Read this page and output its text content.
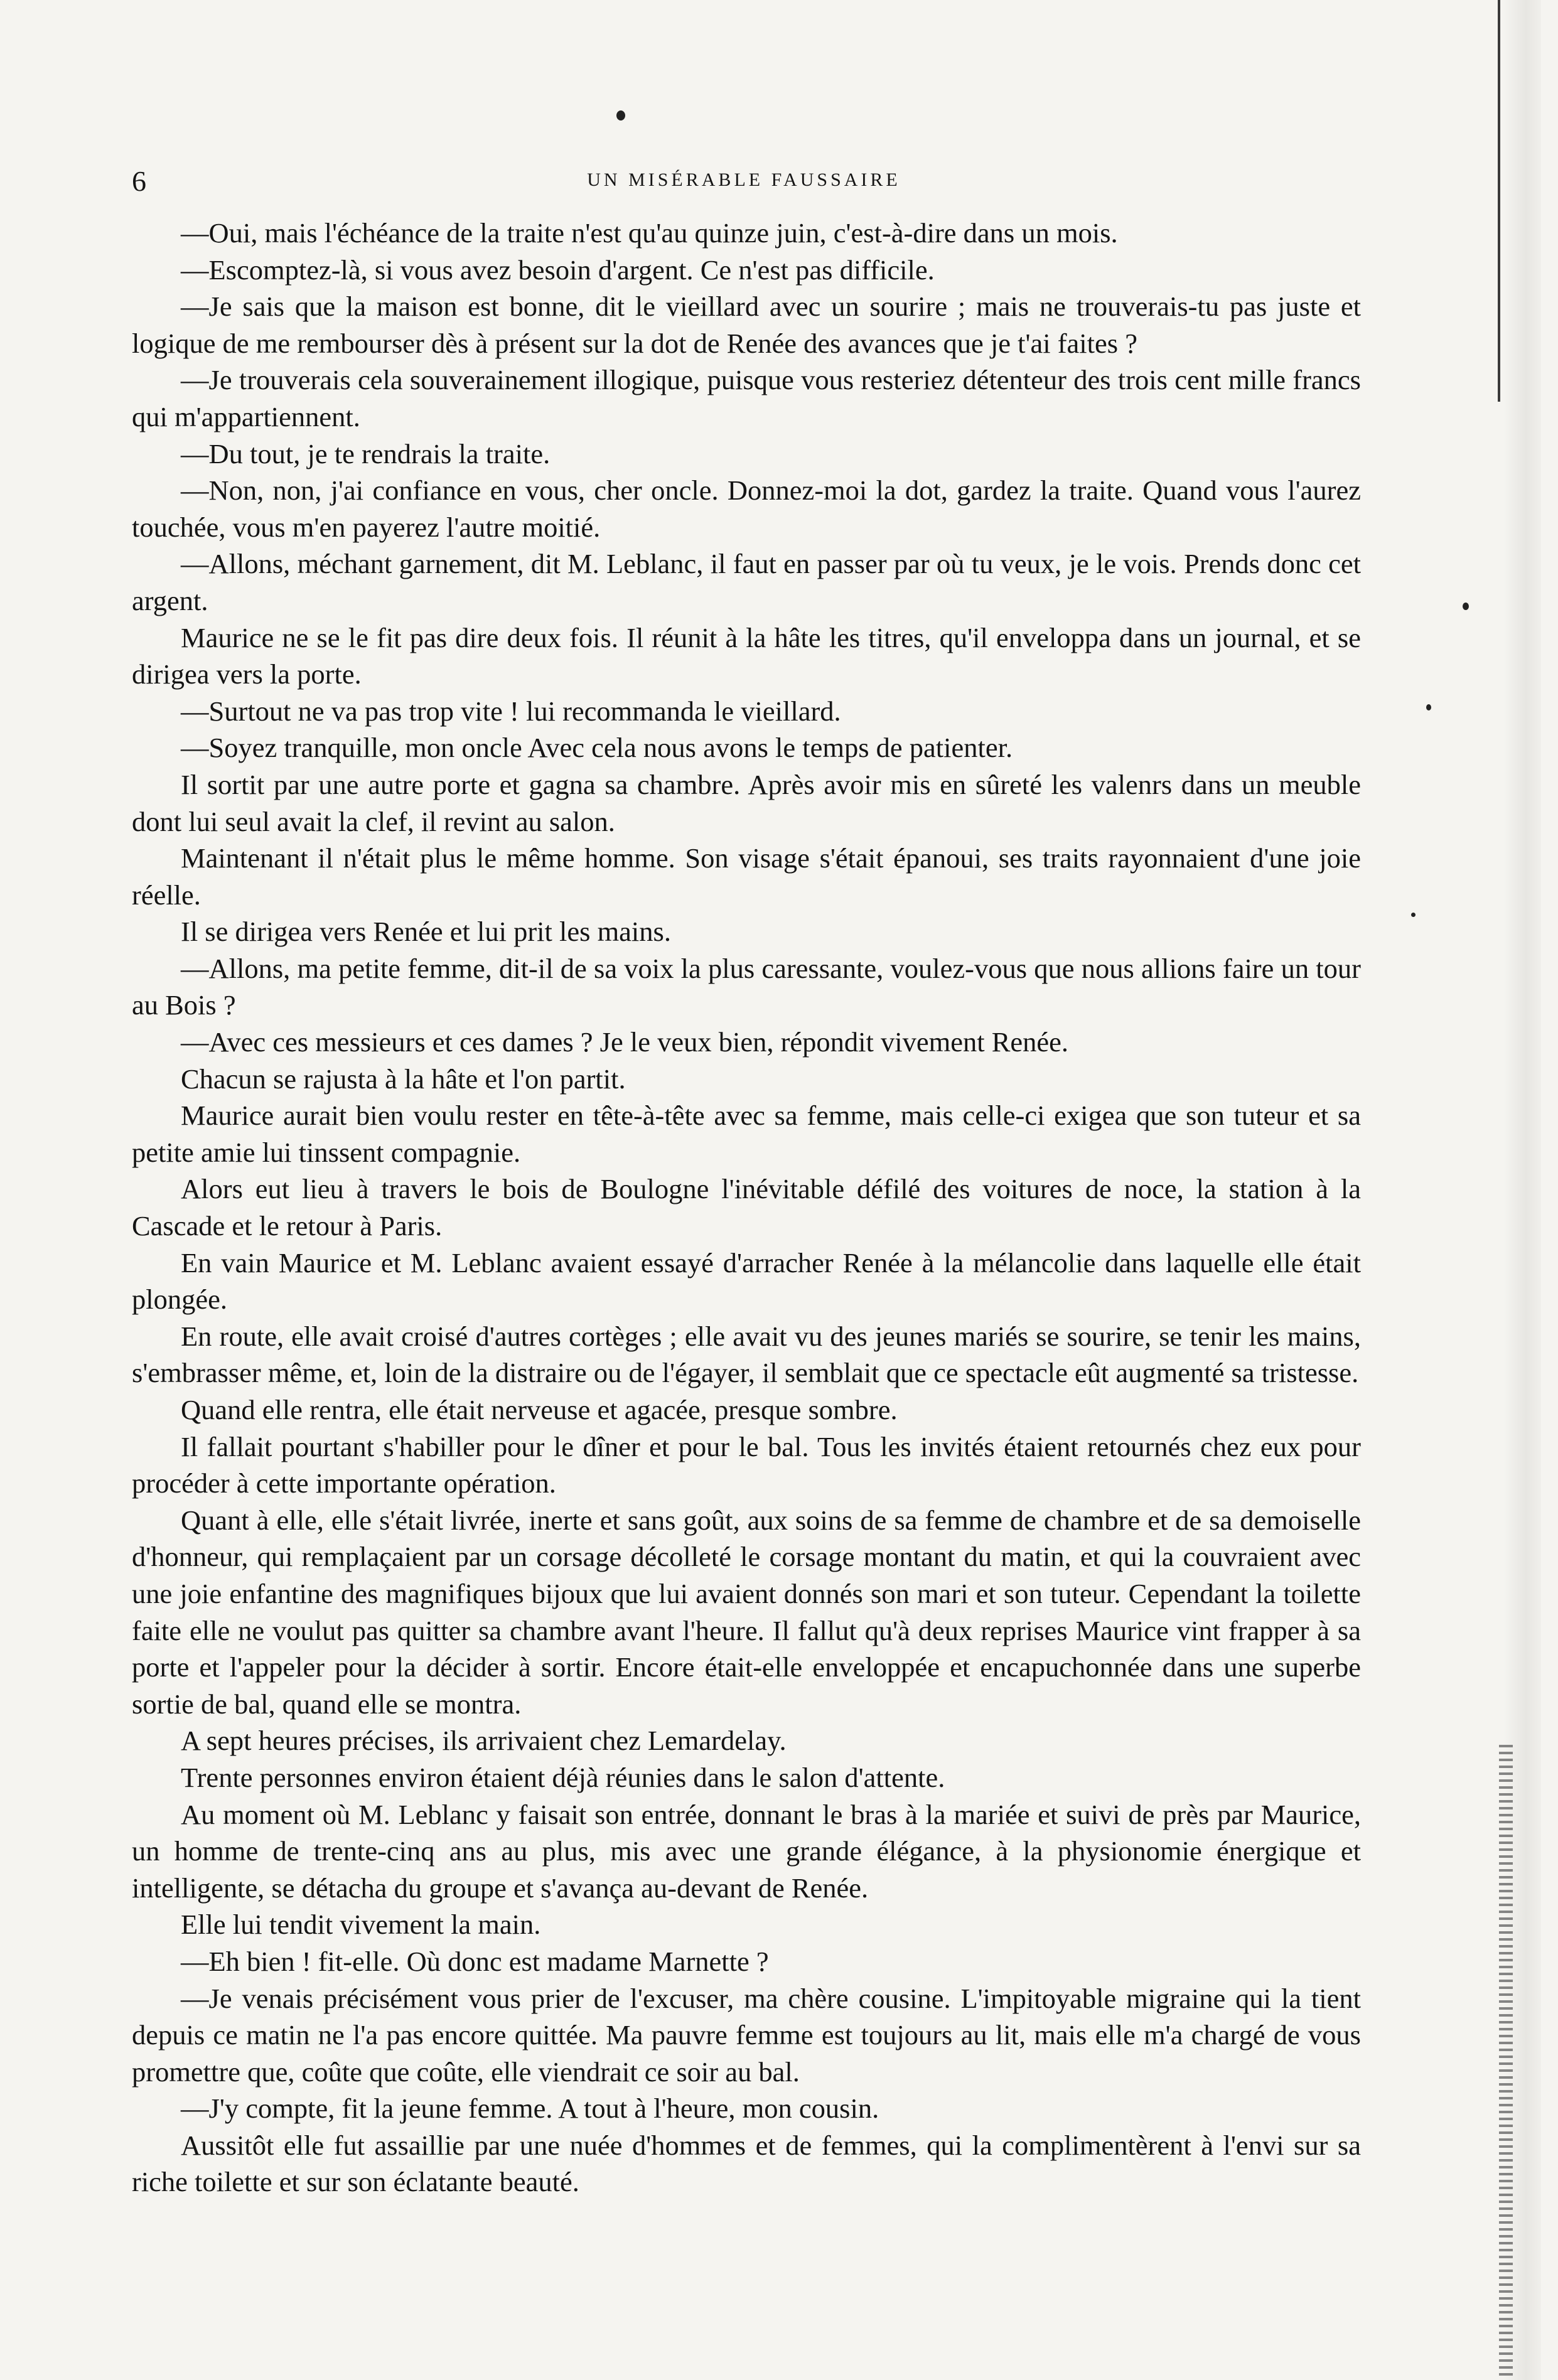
6	UN MISÉRABLE FAUSSAIRE

—Oui, mais l'échéance de la traite n'est qu'au quinze juin, c'est-à-dire dans un mois.

—Escomptez-là, si vous avez besoin d'argent. Ce n'est pas difficile.

—Je sais que la maison est bonne, dit le vieillard avec un sourire ; mais ne trouverais-tu pas juste et logique de me rembourser dès à présent sur la dot de Renée des avances que je t'ai faites ?

—Je trouverais cela souverainement illogique, puisque vous resteriez détenteur des trois cent mille francs qui m'appartiennent.

—Du tout, je te rendrais la traite.

—Non, non, j'ai confiance en vous, cher oncle. Donnez-moi la dot, gardez la traite. Quand vous l'aurez touchée, vous m'en payerez l'autre moitié.

—Allons, méchant garnement, dit M. Leblanc, il faut en passer par où tu veux, je le vois. Prends donc cet argent.

Maurice ne se le fit pas dire deux fois. Il réunit à la hâte les titres, qu'il enveloppa dans un journal, et se dirigea vers la porte.

—Surtout ne va pas trop vite ! lui recommanda le vieillard.

—Soyez tranquille, mon oncle Avec cela nous avons le temps de patienter.

Il sortit par une autre porte et gagna sa chambre. Après avoir mis en sûreté les valenrs dans un meuble dont lui seul avait la clef, il revint au salon.

Maintenant il n'était plus le même homme. Son visage s'était épanoui, ses traits rayonnaient d'une joie réelle.

Il se dirigea vers Renée et lui prit les mains.

—Allons, ma petite femme, dit-il de sa voix la plus caressante, voulez-vous que nous allions faire un tour au Bois ?

—Avec ces messieurs et ces dames ? Je le veux bien, répondit vivement Renée.

Chacun se rajusta à la hâte et l'on partit.

Maurice aurait bien voulu rester en tête-à-tête avec sa femme, mais celle-ci exigea que son tuteur et sa petite amie lui tinssent compagnie.

Alors eut lieu à travers le bois de Boulogne l'inévitable défilé des voitures de noce, la station à la Cascade et le retour à Paris.

En vain Maurice et M. Leblanc avaient essayé d'arracher Renée à la mélancolie dans laquelle elle était plongée.

En route, elle avait croisé d'autres cortèges ; elle avait vu des jeunes mariés se sourire, se tenir les mains, s'embrasser même, et, loin de la distraire ou de l'égayer, il semblait que ce spectacle eût augmenté sa tristesse.

Quand elle rentra, elle était nerveuse et agacée, presque sombre.

Il fallait pourtant s'habiller pour le dîner et pour le bal. Tous les invités étaient retournés chez eux pour procéder à cette importante opération.

Quant à elle, elle s'était livrée, inerte et sans goût, aux soins de sa femme de chambre et de sa demoiselle d'honneur, qui remplaçaient par un corsage décolleté le corsage montant du matin, et qui la couvraient avec une joie enfantine des magnifiques bijoux que lui avaient donnés son mari et son tuteur. Cependant la toilette faite elle ne voulut pas quitter sa chambre avant l'heure. Il fallut qu'à deux reprises Maurice vint frapper à sa porte et l'appeler pour la décider à sortir. Encore était-elle enveloppée et encapuchonnée dans une superbe sortie de bal, quand elle se montra.

A sept heures précises, ils arrivaient chez Lemardelay.

Trente personnes environ étaient déjà réunies dans le salon d'attente.

Au moment où M. Leblanc y faisait son entrée, donnant le bras à la mariée et suivi de près par Maurice, un homme de trente-cinq ans au plus, mis avec une grande élégance, à la physionomie énergique et intelligente, se détacha du groupe et s'avança au-devant de Renée.

Elle lui tendit vivement la main.

—Eh bien ! fit-elle. Où donc est madame Marnette ?

—Je venais précisément vous prier de l'excuser, ma chère cousine. L'impitoyable migraine qui la tient depuis ce matin ne l'a pas encore quittée. Ma pauvre femme est toujours au lit, mais elle m'a chargé de vous promettre que, coûte que coûte, elle viendrait ce soir au bal.

—J'y compte, fit la jeune femme. A tout à l'heure, mon cousin.

Aussitôt elle fut assaillie par une nuée d'hommes et de femmes, qui la complimentèrent à l'envi sur sa riche toilette et sur son éclatante beauté.
